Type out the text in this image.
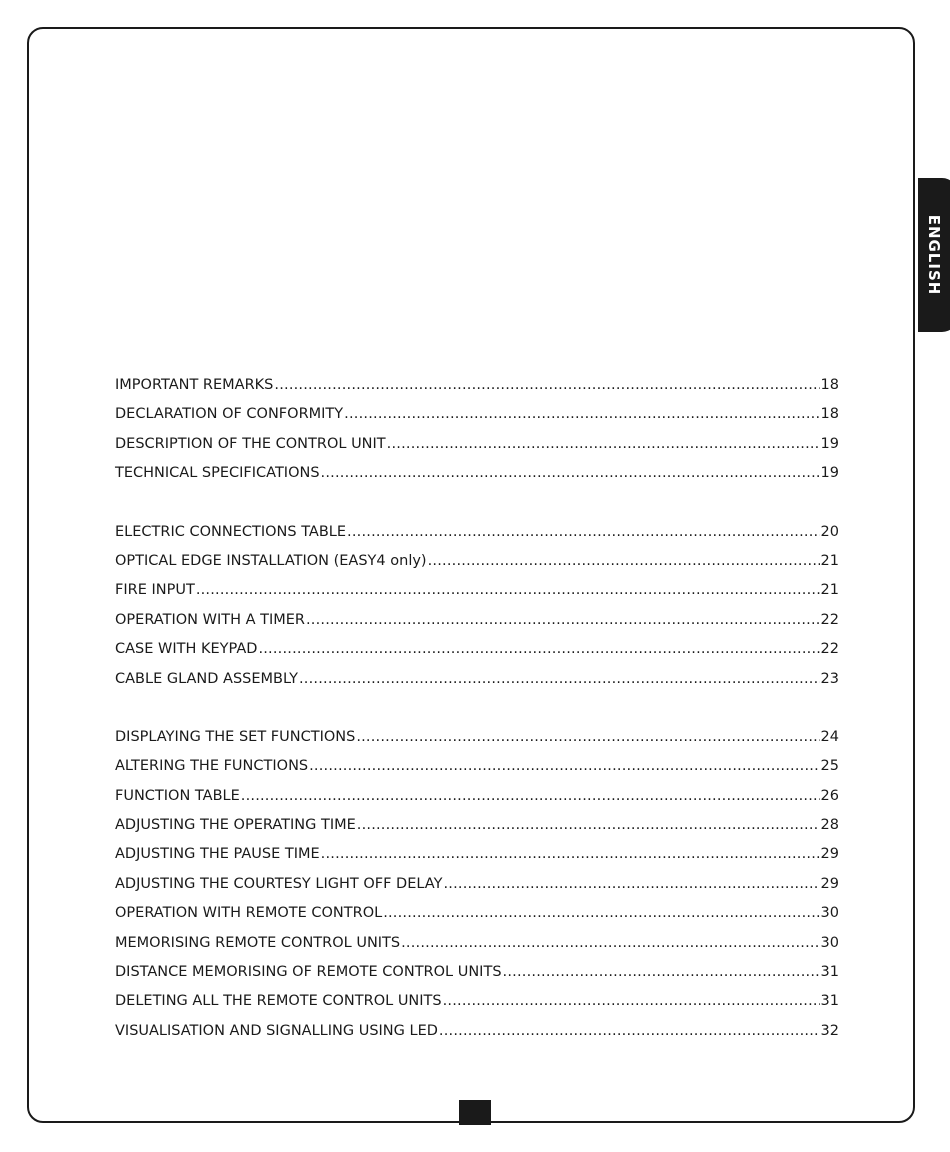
ENGLISH
IMPORTANT REMARKS .....	18
DECLARATION OF CONFORMITY .....	18
DESCRIPTION OF THE CONTROL UNIT .....	19
TECHNICAL SPECIFICATIONS .....	19
ELECTRIC CONNECTIONS TABLE .....	20
OPTICAL EDGE INSTALLATION (EASY4 only) .....	21
FIRE INPUT .....	21
OPERATION WITH A TIMER .....	22
CASE WITH KEYPAD .....	22
CABLE GLAND ASSEMBLY .....	23
DISPLAYING THE SET FUNCTIONS .....	24
ALTERING THE FUNCTIONS .....	25
FUNCTION TABLE .....	26
ADJUSTING THE OPERATING TIME .....	28
ADJUSTING THE PAUSE TIME .....	29
ADJUSTING THE COURTESY LIGHT OFF DELAY .....	29
OPERATION WITH REMOTE CONTROL .....	30
MEMORISING REMOTE CONTROL UNITS .....	30
DISTANCE MEMORISING OF REMOTE CONTROL UNITS .....	31
DELETING ALL THE REMOTE CONTROL UNITS .....	31
VISUALISATION AND SIGNALLING USING LED .....	32
